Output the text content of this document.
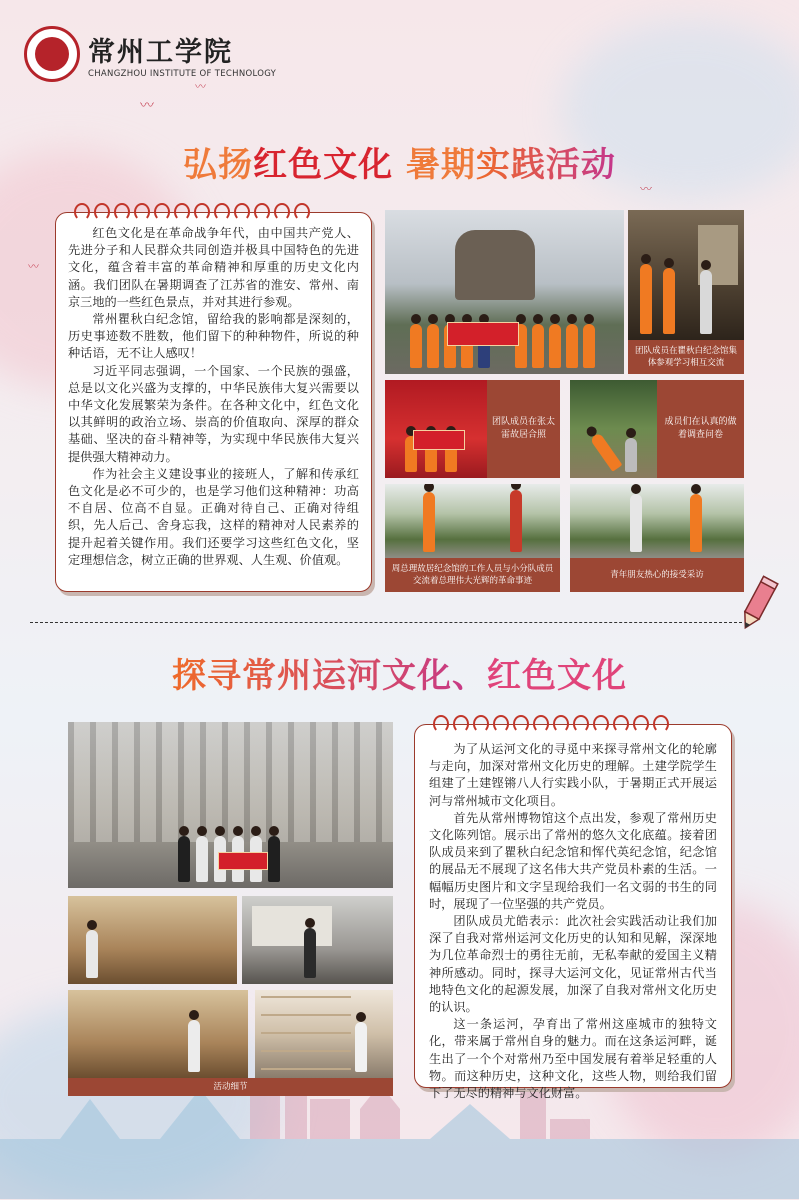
常州工学院
CHANGZHOU INSTITUTE OF TECHNOLOGY
〰
〰
〰
〰
弘扬红色文化 暑期实践活动

红色文化是在革命战争年代，由中国共产党人、先进分子和人民群众共同创造并极具中国特色的先进文化，蕴含着丰富的革命精神和厚重的历史文化内涵。我们团队在暑期调查了江苏省的淮安、常州、南京三地的一些红色景点，并对其进行参观。

常州瞿秋白纪念馆，留给我的影响都是深刻的，历史事迹数不胜数，他们留下的种种物件，所说的种种话语，无不让人感叹！

习近平同志强调，一个国家、一个民族的强盛，总是以文化兴盛为支撑的，中华民族伟大复兴需要以中华文化发展繁荣为条件。在各种文化中，红色文化以其鲜明的政治立场、崇高的价值取向、深厚的群众基础、坚决的奋斗精神等，为实现中华民族伟大复兴提供强大精神动力。

作为社会主义建设事业的接班人，了解和传承红色文化是必不可少的，也是学习他们这种精神：功高不自居、位高不自显。正确对待自己、正确对待组织，先人后己、舍身忘我，这样的精神对人民素养的提升起着关键作用。我们还要学习这些红色文化，坚定理想信念，树立正确的世界观、人生观、价值观。

团队成员在瞿秋白纪念馆集体参观学习相互交流
团队成员在张太雷故居合照
成员们在认真的做着调查问卷
周总理故居纪念馆的工作人员与小分队成员交流着总理伟大光辉的革命事迹
青年朋友热心的接受采访
探寻常州运河文化、红色文化
活动细节

为了从运河文化的寻觅中来探寻常州文化的轮廓与走向，加深对常州文化历史的理解。土建学院学生组建了土建铿锵八人行实践小队，于暑期正式开展运河与常州城市文化项目。

首先从常州博物馆这个点出发，参观了常州历史文化陈列馆。展示出了常州的悠久文化底蕴。接着团队成员来到了瞿秋白纪念馆和恽代英纪念馆，纪念馆的展品无不展现了这名伟大共产党员朴素的生活。一幅幅历史图片和文字呈现给我们一名文弱的书生的同时，展现了一位坚强的共产党员。

团队成员尤皓表示：此次社会实践活动让我们加深了自我对常州运河文化历史的认知和见解，深深地为几位革命烈士的勇往无前，无私奉献的爱国主义精神所感动。同时，探寻大运河文化，见证常州古代当地特色文化的起源发展，加深了自我对常州文化历史的认识。

这一条运河，孕育出了常州这座城市的独特文化，带来属于常州自身的魅力。而在这条运河畔，诞生出了一个个对常州乃至中国发展有着举足轻重的人物。而这种历史，这种文化，这些人物，则给我们留下了无尽的精神与文化财富。
